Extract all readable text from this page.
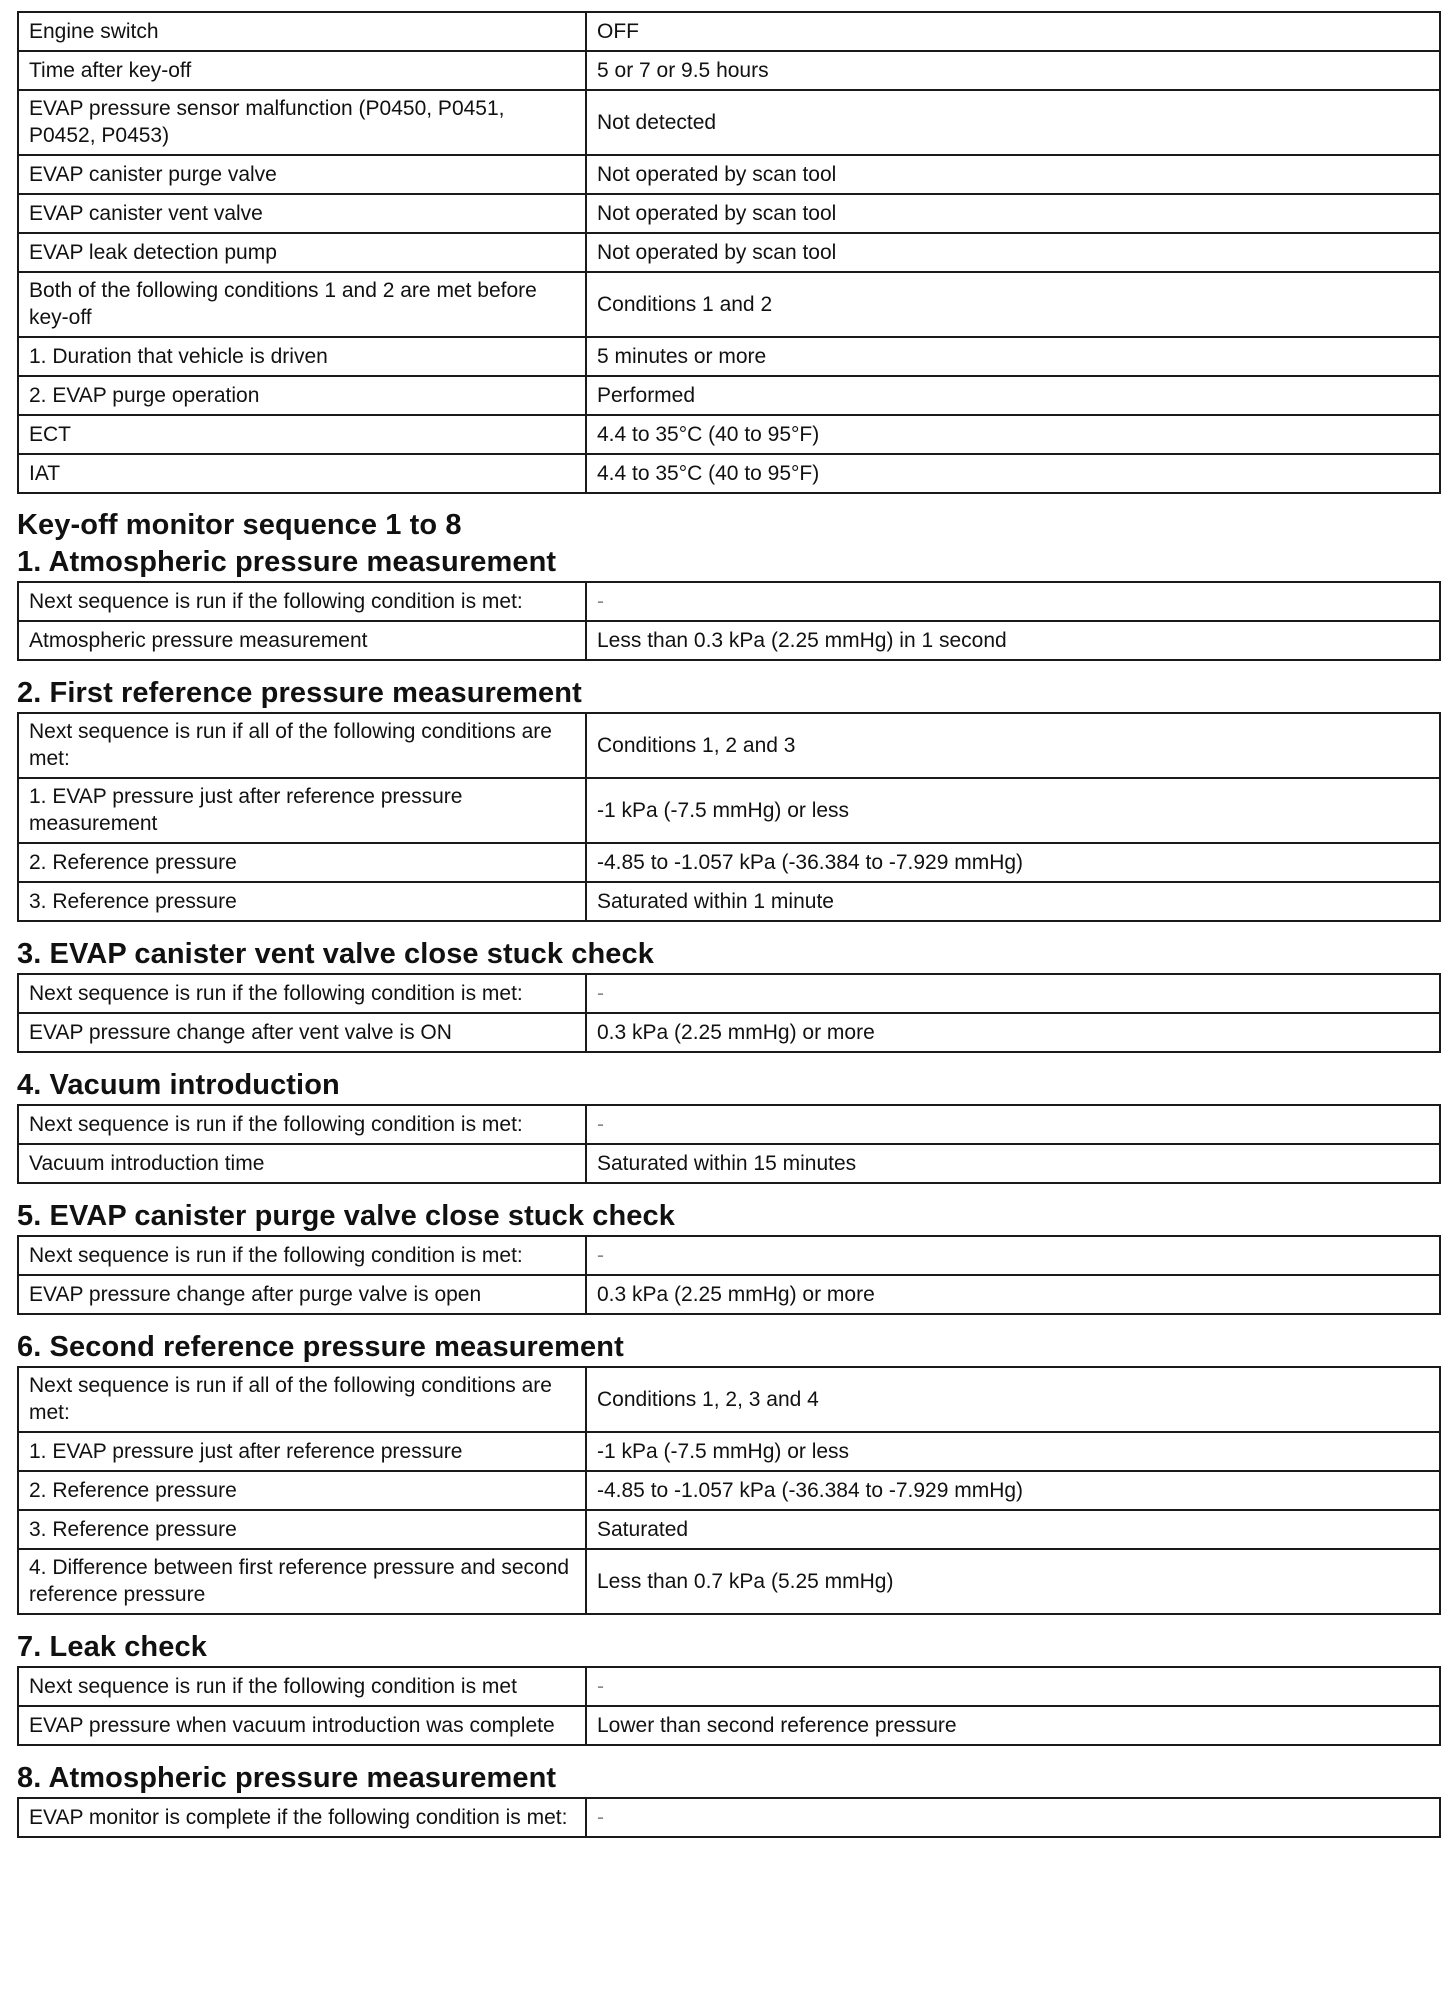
Engine switch	OFF
Time after key-off	5 or 7 or 9.5 hours
EVAP pressure sensor malfunction (P0450, P0451, P0452, P0453)	Not detected
EVAP canister purge valve	Not operated by scan tool
EVAP canister vent valve	Not operated by scan tool
EVAP leak detection pump	Not operated by scan tool
Both of the following conditions 1 and 2 are met before key-off	Conditions 1 and 2
1. Duration that vehicle is driven	5 minutes or more
2. EVAP purge operation	Performed
ECT	4.4 to 35°C (40 to 95°F)
IAT	4.4 to 35°C (40 to 95°F)
Key-off monitor sequence 1 to 8
1. Atmospheric pressure measurement
Next sequence is run if the following condition is met:	-
Atmospheric pressure measurement	Less than 0.3 kPa (2.25 mmHg) in 1 second
2. First reference pressure measurement
Next sequence is run if all of the following conditions are met:	Conditions 1, 2 and 3
1. EVAP pressure just after reference pressure measurement	-1 kPa (-7.5 mmHg) or less
2. Reference pressure	-4.85 to -1.057 kPa (-36.384 to -7.929 mmHg)
3. Reference pressure	Saturated within 1 minute
3. EVAP canister vent valve close stuck check
Next sequence is run if the following condition is met:	-
EVAP pressure change after vent valve is ON	0.3 kPa (2.25 mmHg) or more
4. Vacuum introduction
Next sequence is run if the following condition is met:	-
Vacuum introduction time	Saturated within 15 minutes
5. EVAP canister purge valve close stuck check
Next sequence is run if the following condition is met:	-
EVAP pressure change after purge valve is open	0.3 kPa (2.25 mmHg) or more
6. Second reference pressure measurement
Next sequence is run if all of the following conditions are met:	Conditions 1, 2, 3 and 4
1. EVAP pressure just after reference pressure	-1 kPa (-7.5 mmHg) or less
2. Reference pressure	-4.85 to -1.057 kPa (-36.384 to -7.929 mmHg)
3. Reference pressure	Saturated
4. Difference between first reference pressure and second reference pressure	Less than 0.7 kPa (5.25 mmHg)
7. Leak check
Next sequence is run if the following condition is met	-
EVAP pressure when vacuum introduction was complete	Lower than second reference pressure
8. Atmospheric pressure measurement
EVAP monitor is complete if the following condition is met:	-
